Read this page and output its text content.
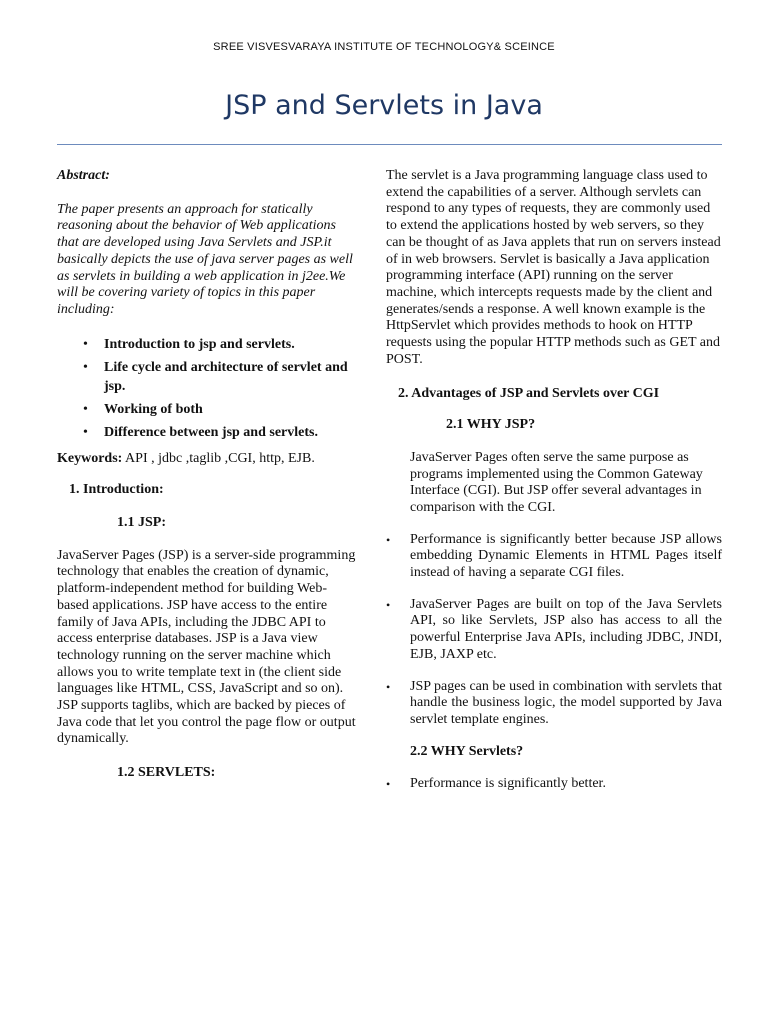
SREE VISVESVARAYA INSTITUTE OF TECHNOLOGY& SCEINCE
JSP and Servlets in Java

Abstract:

The paper presents an approach for statically reasoning about the behavior of Web applications that are developed using Java Servlets and JSP.it basically depicts the use of java server pages as well as servlets in building a web application in j2ee.We will be covering variety of topics in this paper including:

• Introduction to jsp and servlets.
• Life cycle and architecture of servlet and jsp.
• Working of both
• Difference between jsp and servlets.

Keywords: API , jdbc ,taglib ,CGI, http, EJB.

1. Introduction:

1.1 JSP:

JavaServer Pages (JSP) is a server-side programming technology that enables the creation of dynamic, platform-independent method for building Web-based applications. JSP have access to the entire family of Java APIs, including the JDBC API to access enterprise databases. JSP is a Java view technology running on the server machine which allows you to write template text in (the client side languages like HTML, CSS, JavaScript and so on). JSP supports taglibs, which are backed by pieces of Java code that let you control the page flow or output dynamically.

1.2 SERVLETS:

The servlet is a Java programming language class used to extend the capabilities of a server. Although servlets can respond to any types of requests, they are commonly used to extend the applications hosted by web servers, so they can be thought of as Java applets that run on servers instead of in web browsers. Servlet is basically a Java application programming interface (API) running on the server machine, which intercepts requests made by the client and generates/sends a response. A well known example is the HttpServlet which provides methods to hook on HTTP requests using the popular HTTP methods such as GET and POST.

2. Advantages of JSP and Servlets over CGI

2.1 WHY JSP?

JavaServer Pages often serve the same purpose as programs implemented using the Common Gateway Interface (CGI). But JSP offer several advantages in comparison with the CGI.

• Performance is significantly better because JSP allows embedding Dynamic Elements in HTML Pages itself instead of having a separate CGI files.
• JavaServer Pages are built on top of the Java Servlets API, so like Servlets, JSP also has access to all the powerful Enterprise Java APIs, including JDBC, JNDI, EJB, JAXP etc.
• JSP pages can be used in combination with servlets that handle the business logic, the model supported by Java servlet template engines.

2.2 WHY Servlets?

• Performance is significantly better.
